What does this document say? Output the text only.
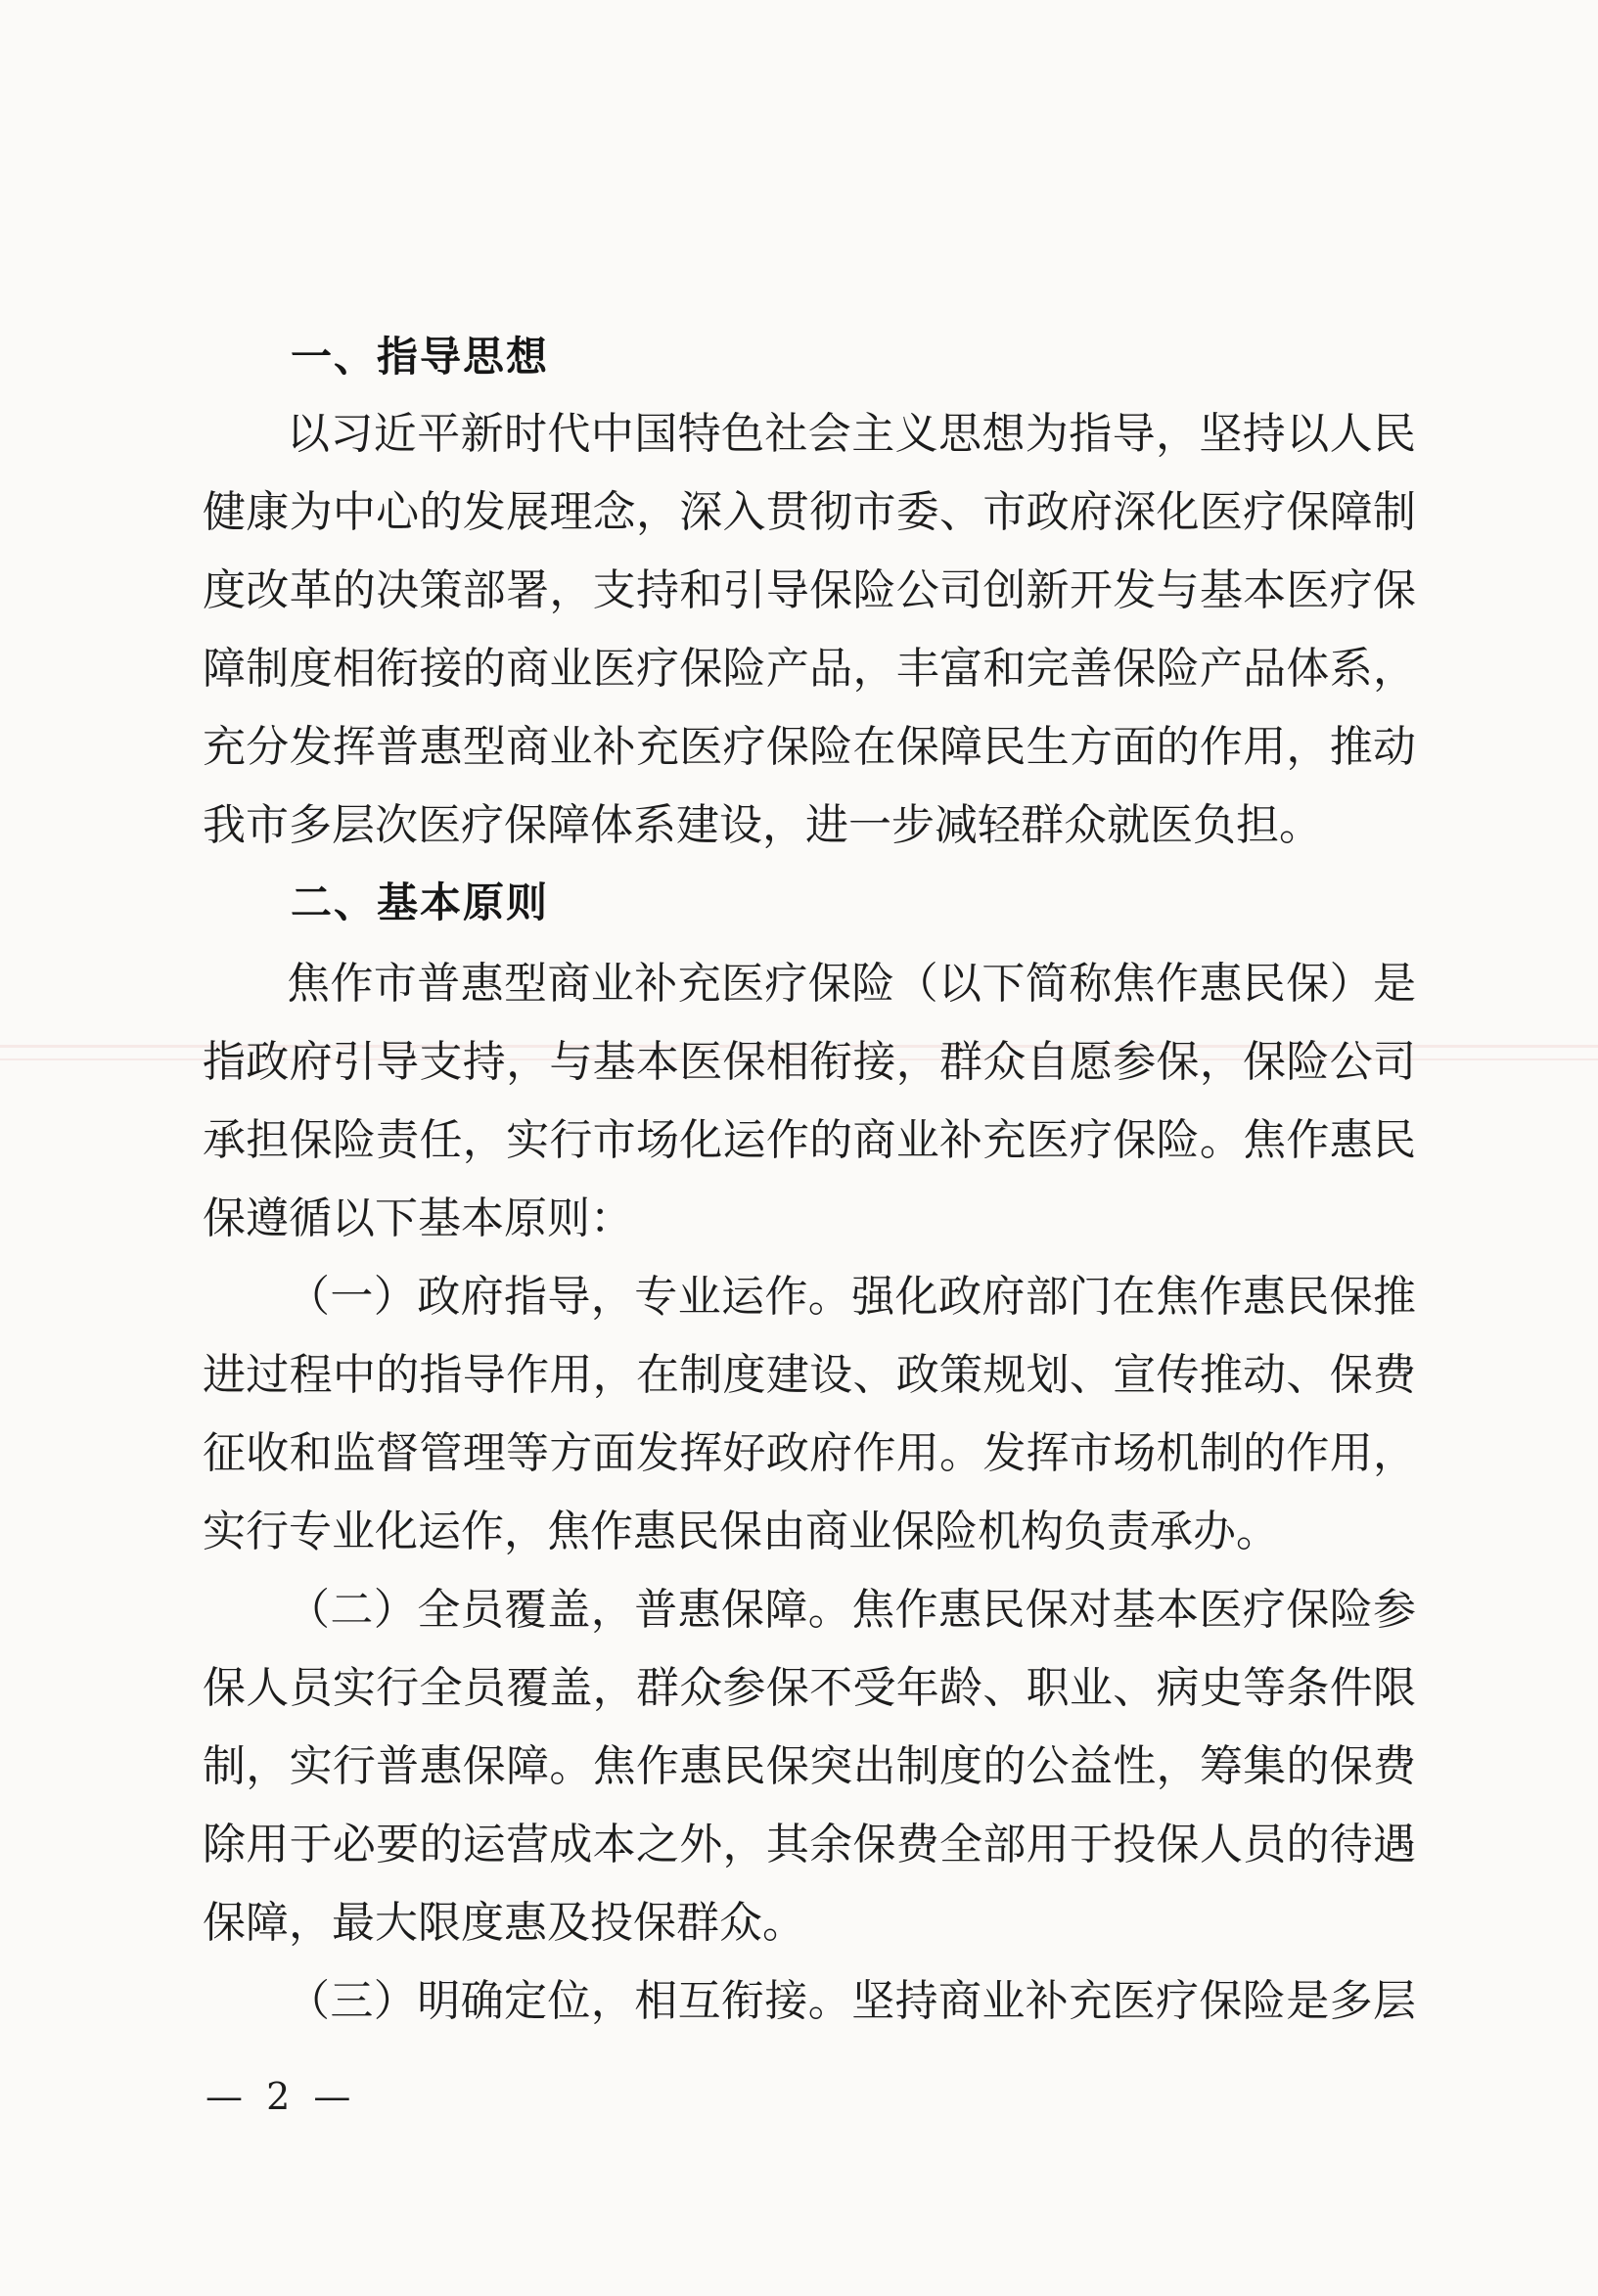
一、指导思想
以习近平新时代中国特色社会主义思想为指导，坚持以人民
健康为中心的发展理念，深入贯彻市委、市政府深化医疗保障制
度改革的决策部署，支持和引导保险公司创新开发与基本医疗保
障制度相衔接的商业医疗保险产品，丰富和完善保险产品体系，
充分发挥普惠型商业补充医疗保险在保障民生方面的作用，推动
我市多层次医疗保障体系建设，进一步减轻群众就医负担。
二、基本原则
焦作市普惠型商业补充医疗保险（以下简称焦作惠民保）是
指政府引导支持，与基本医保相衔接，群众自愿参保，保险公司
承担保险责任，实行市场化运作的商业补充医疗保险。焦作惠民
保遵循以下基本原则：
（一）政府指导，专业运作。强化政府部门在焦作惠民保推
进过程中的指导作用，在制度建设、政策规划、宣传推动、保费
征收和监督管理等方面发挥好政府作用。发挥市场机制的作用，
实行专业化运作，焦作惠民保由商业保险机构负责承办。
（二）全员覆盖，普惠保障。焦作惠民保对基本医疗保险参
保人员实行全员覆盖，群众参保不受年龄、职业、病史等条件限
制，实行普惠保障。焦作惠民保突出制度的公益性，筹集的保费
除用于必要的运营成本之外，其余保费全部用于投保人员的待遇
保障，最大限度惠及投保群众。
（三）明确定位，相互衔接。坚持商业补充医疗保险是多层
— 2 —
